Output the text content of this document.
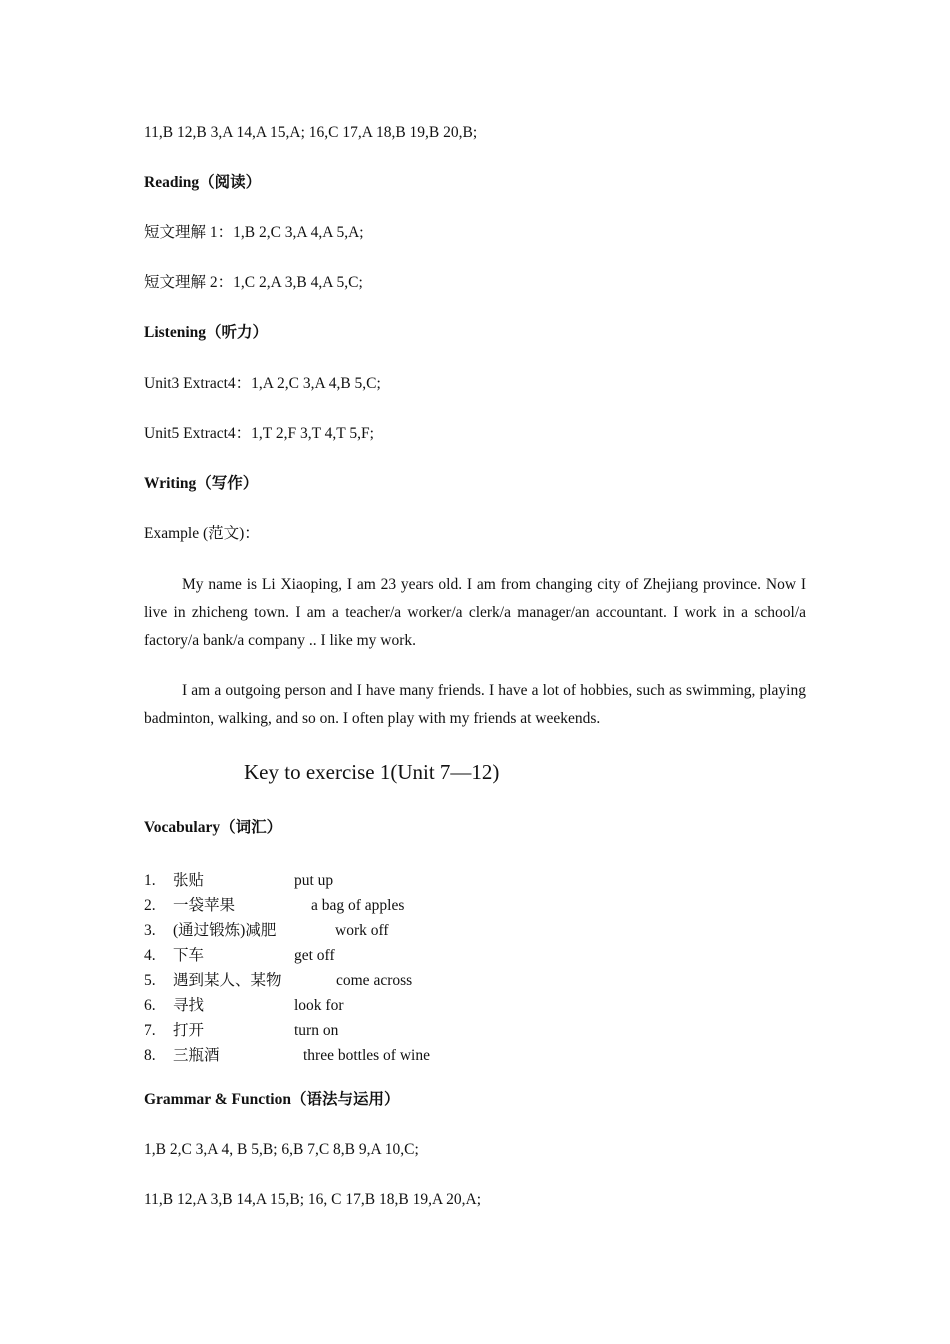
11,B 12,B 3,A 14,A 15,A; 16,C 17,A 18,B 19,B 20,B;
Reading（阅读）
短文理解 1：1,B 2,C 3,A 4,A 5,A;
短文理解 2：1,C 2,A 3,B 4,A 5,C;
Listening（听力）
Unit3 Extract4：1,A 2,C 3,A 4,B 5,C;
Unit5 Extract4：1,T 2,F 3,T 4,T 5,F;
Writing（写作）
Example (范文)：
My name is Li Xiaoping, I am 23 years old. I am from changing city of Zhejiang province. Now I live in zhicheng town. I am a teacher/a worker/a clerk/a manager/an accountant. I work in a school/a factory/a bank/a company .. I like my work.
I am a outgoing person and I have many friends. I have a lot of hobbies, such as swimming, playing badminton, walking, and so on. I often play with my friends at weekends.
Key to exercise 1(Unit 7—12)
Vocabulary（词汇）
1. 张贴	put up
2. 一袋苹果	a bag of apples
3. (通过锻炼)减肥	work off
4. 下车	get off
5. 遇到某人、某物	come across
6. 寻找	look for
7. 打开	turn on
8. 三瓶酒	three bottles of wine
Grammar & Function（语法与运用）
1,B 2,C 3,A 4, B 5,B; 6,B 7,C 8,B 9,A 10,C;
11,B 12,A 3,B 14,A 15,B; 16, C 17,B 18,B 19,A 20,A;
